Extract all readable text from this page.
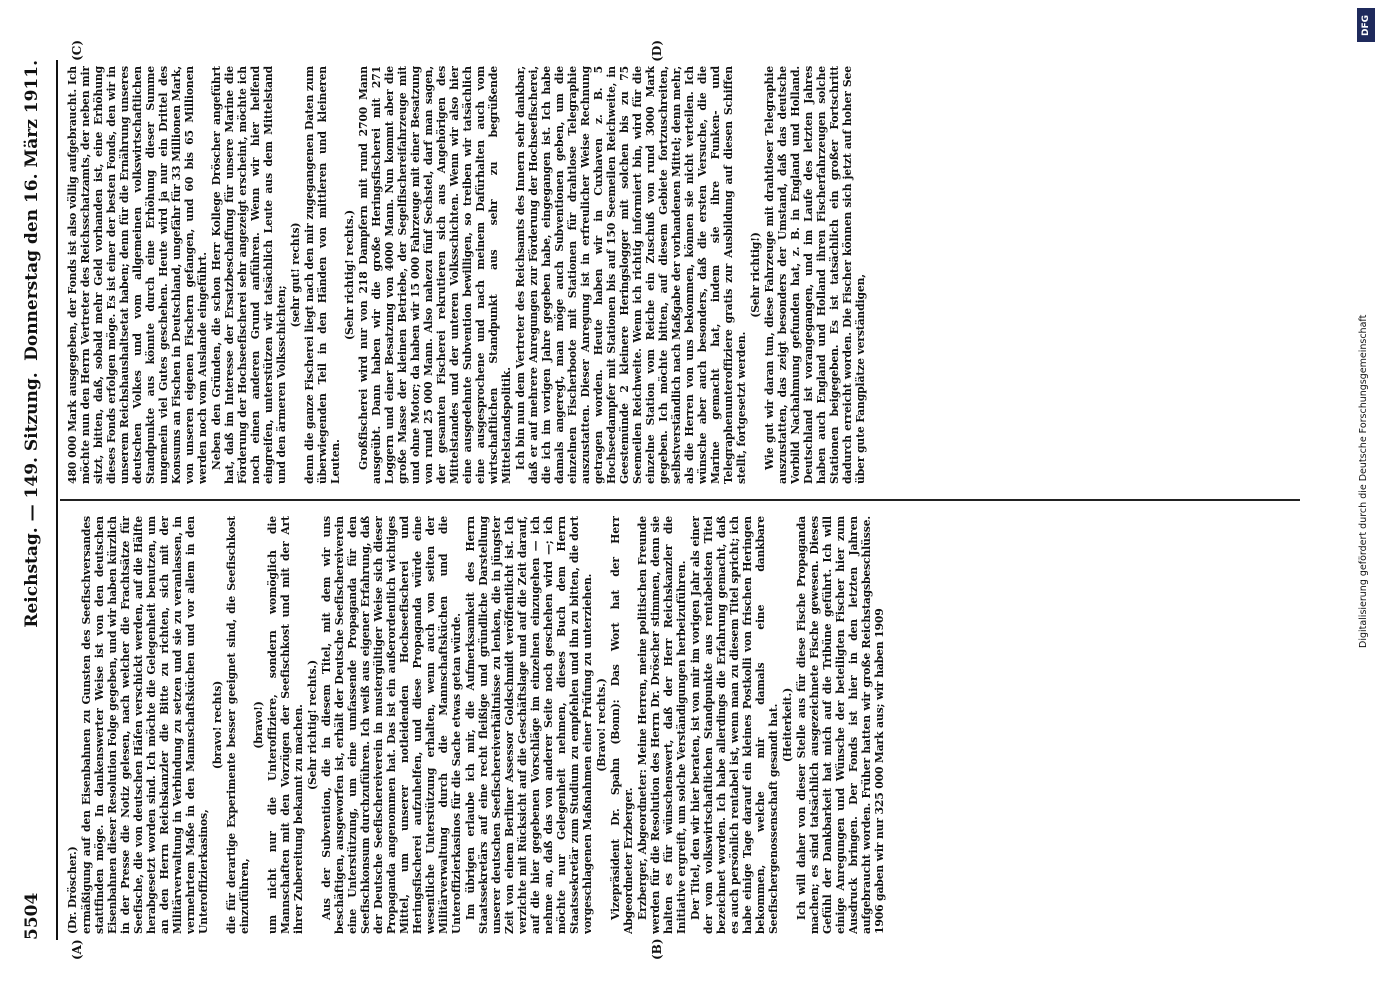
5504
Reichstag. — 149. Sitzung.
Donnerstag den 16. März 1911.
(A)	(B)
(C)	(D)

(Dr. Dröscher.) ermäßigung auf den Eisenbahnen zu Gunsten des Seefischversandes stattfinden möge. In dankenswerter Weise ist von den deutschen Eisenbahnen dieser Resolution Folge gegeben, und wir haben kürzlich in der Presse die Notiz gelesen, nach welcher die Frachtsätze für Seefische, die von deutschen Häfen verschickt werden, auf die Hälfte herabgesetzt worden sind. Ich möchte die Gelegenheit benutzen, um an den Herrn Reichskanzler die Bitte zu richten, sich mit der Militärverwaltung in Verbindung zu setzen und sie zu veranlassen, in vermehrtem Maße in den Mannschaftsküchen und vor allem in den Unteroffizierkasinos,

(bravo! rechts) die für derartige Experimente besser geeignet sind, die Seefischkost einzuführen,

(bravo!) um nicht nur die Unteroffiziere, sondern womöglich die Mannschaften mit den Vorzügen der Seefischkost und mit der Art ihrer Zubereitung bekannt zu machen. (Sehr richtig! rechts.) Aus der Subvention, die in diesem Titel, mit dem wir uns beschäftigen, ausgeworfen ist, erhält der Deutsche Seefischereiverein eine Unterstützung, um eine umfassende Propaganda für den Seefischkonsum durchzuführen. Ich weiß aus eigener Erfahrung, daß der Deutsche Seefischereiverein in mustergültiger Weise sich dieser Propaganda angenommen hat. Das ist ein außerordentlich wichtiges Mittel, um unserer notleidenden Hochseefischerei und Heringsfischerei aufzuhelfen, und diese Propaganda würde eine wesentliche Unterstützung erhalten, wenn auch von seiten der Militärverwaltung durch die Mannschaftsküchen und die Unteroffizierkasinos für die Sache etwas getan würde. Im übrigen erlaube ich mir, die Aufmerksamkeit des Herrn Staatssekretärs auf eine recht fleißige und gründliche Darstellung unserer deutschen Seefischereiverhältnisse zu lenken, die in jüngster Zeit von einem Berliner Assessor Goldschmidt veröffentlicht ist. Ich verzichte mit Rücksicht auf die Geschäftslage und auf die Zeit darauf, auf die hier gegebenen Vorschläge im einzelnen einzugehen — ich nehme an, daß das von anderer Seite noch geschehen wird —; ich möchte nur Gelegenheit nehmen, dieses Buch dem Herrn Staatssekretär zum Studium zu empfehlen und ihn zu bitten, die dort vorgeschlagenen Maßnahmen einer Prüfung zu unterziehen. (Bravo! rechts.) Vizepräsident Dr. Spahn (Bonn): Das Wort hat der Herr Abgeordneter Erzberger. Erzberger, Abgeordneter: Meine Herren, meine politischen Freunde werden für die Resolution des Herrn Dr. Dröscher stimmen, denn sie halten es für wünschenswert, daß der Herr Reichskanzler die Initiative ergreift, um solche Verständigungen herbeizuführen. Der Titel, den wir hier beraten, ist von mir im vorigen Jahr als einer der vom volkswirtschaftlichen Standpunkte aus rentabelsten Titel bezeichnet worden. Ich habe allerdings die Erfahrung gemacht, daß es auch persönlich rentabel ist, wenn man zu diesem Titel spricht; ich habe einige Tage darauf ein kleines Postkolli von frischen Heringen bekommen, welche mir damals eine dankbare Seefischergenossenschaft gesandt hat. (Heiterkeit.) Ich will daher von dieser Stelle aus für diese Fische Propaganda machen; es sind tatsächlich ausgezeichnete Fische gewesen. Dieses Gefühl der Dankbarkeit hat mich auf die Tribüne geführt. Ich will einige Anregungen und Wünsche der beteiligten Fischer hier zum Ausdruck bringen. Der Fonds ist hier in den letzten Jahren aufgebraucht worden. Früher hatten wir große Reichstagsbeschlüsse. 1906 gaben wir nur 325 000 Mark aus; wir haben 1909

480 000 Mark ausgegeben, der Fonds ist also völlig aufgebraucht. Ich möchte nun den Herrn Vertreter des Reichsschatzamts, der neben mir sitzt, bitten, daß, sobald mehr Geld vorhanden ist, eine Erhöhung dieses Fonds erfolgen möge. Es ist einer der besten Fonds, den wir in unserem Reichshaushaltsetat haben; denn für die Ernährung unseres deutschen Volkes und vom allgemeinen volkswirtschaftlichen Standpunkte aus könnte durch eine Erhöhung dieser Summe ungemein viel Gutes geschehen. Heute wird ja nur ein Drittel des Konsums an Fischen in Deutschland, ungefähr für 33 Millionen Mark, von unseren eigenen Fischern gefangen, und 60 bis 65 Millionen werden noch vom Auslande eingeführt. Neben den Gründen, die schon Herr Kollege Dröscher angeführt hat, daß im Interesse der Ersatzbeschaffung für unsere Marine die Förderung der Hochseefischerei sehr angezeigt erscheint, möchte ich noch einen anderen Grund anführen. Wenn wir hier helfend eingreifen, unterstützen wir tatsächlich Leute aus dem Mittelstand und den ärmeren Volksschichten;

(sehr gut! rechts) denn die ganze Fischerei liegt nach den mir zugegangenen Daten zum überwiegenden Teil in den Händen von mittleren und kleineren Leuten.

(Sehr richtig! rechts.) Großfischerei wird nur von 218 Dampfern mit rund 2700 Mann ausgeübt. Dann haben wir die große Heringsfischerei mit 271 Loggern und einer Besatzung von 4000 Mann. Nun kommt aber die große Masse der kleinen Betriebe, der Segelfischereifahrzeuge mit und ohne Motor; da haben wir 15 000 Fahrzeuge mit einer Besatzung von rund 25 000 Mann. Also nahezu fünf Sechstel, darf man sagen, der gesamten Fischerei rekrutieren sich aus Angehörigen des Mittelstandes und der unteren Volksschichten. Wenn wir also hier eine ausgedehnte Subvention bewilligen, so treiben wir tatsächlich eine ausgesprochene und nach meinem Dafürhalten auch vom wirtschaftlichen Standpunkt aus sehr zu begrüßende Mittelstandspolitik. Ich bin nun dem Vertreter des Reichsamts des Innern sehr dankbar, daß er auf mehrere Anregungen zur Förderung der Hochseefischerei, die ich im vorigen Jahre gegeben habe, eingegangen ist. Ich habe damals angeregt, man möge auch Subventionen geben, um die einzelnen Fischerboote mit Stationen für drahtlose Telegraphie auszustatten. Dieser Anregung ist in erfreulicher Weise Rechnung getragen worden. Heute haben wir in Cuxhaven z. B. 5 Hochseedampfer mit Stationen bis auf 150 Seemeilen Reichweite, in Geestemünde 2 kleinere Heringslogger mit solchen bis zu 75 Seemeilen Reichweite. Wenn ich richtig informiert bin, wird für die einzelne Station vom Reiche ein Zuschuß von rund 3000 Mark gegeben. Ich möchte bitten, auf diesem Gebiete fortzuschreiten, selbstverständlich nach Maßgabe der vorhandenen Mittel; denn mehr, als die Herren von uns bekommen, können sie nicht verteilen. Ich wünsche aber auch besonders, daß die ersten Versuche, die die Marine gemacht hat, indem sie ihre Funken- und Telegraphenunteroffiziere gratis zur Ausbildung auf diesen Schiffen stellt, fortgesetzt werden.

(Sehr richtig!) Wie gut wir daran tun, diese Fahrzeuge mit drahtloser Telegraphie auszustatten, das zeigt besonders der Umstand, daß das deutsche Vorbild Nachahmung gefunden hat, z. B. in England und Holland. Deutschland ist vorangegangen, und im Laufe des letzten Jahres haben auch England und Holland ihren Fischerfahrzeugen solche Stationen beigegeben. Es ist tatsächlich ein großer Fortschritt dadurch erreicht worden. Die Fischer können sich jetzt auf hoher See über gute Fangplätze verständigen,

DFG
Digitalisierung gefördert durch die Deutsche Forschungsgemeinschaft
